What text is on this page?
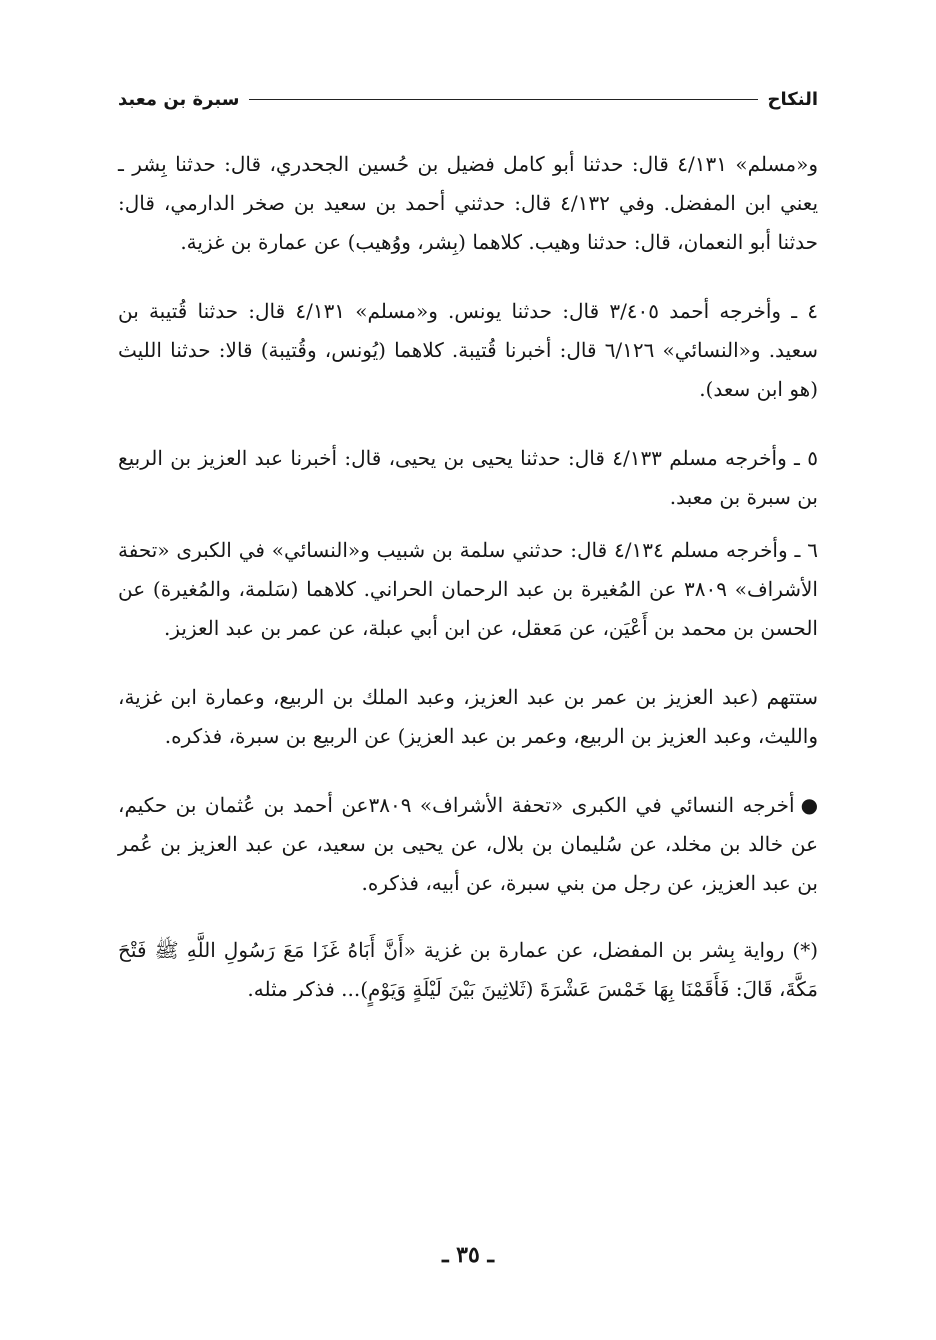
النكاح
سبرة بن معبد

و«مسلم» ٤/١٣١ قال: حدثنا أبو كامل فضيل بن حُسين الجحدري، قال: حدثنا بِشر ـ يعني ابن المفضل. وفي ٤/١٣٢ قال: حدثني أحمد بن سعيد بن صخر الدارمي، قال: حدثنا أبو النعمان، قال: حدثنا وهيب. كلاهما (بِشر، ووُهيب) عن عمارة بن غزية.

٤ ـ وأخرجه أحمد ٣/٤٠٥ قال: حدثنا يونس. و«مسلم» ٤/١٣١ قال: حدثنا قُتيبة بن سعيد. و«النسائي» ٦/١٢٦ قال: أخبرنا قُتيبة. كلاهما (يُونس، وقُتيبة) قالا: حدثنا الليث (هو ابن سعد).

٥ ـ وأخرجه مسلم ٤/١٣٣ قال: حدثنا يحيى بن يحيى، قال: أخبرنا عبد العزيز بن الربيع بن سبرة بن معبد.

٦ ـ وأخرجه مسلم ٤/١٣٤ قال: حدثني سلمة بن شبيب و«النسائي» في الكبرى «تحفة الأشراف» ٣٨٠٩ عن المُغيرة بن عبد الرحمان الحراني. كلاهما (سَلمة، والمُغيرة) عن الحسن بن محمد بن أَعْيَن، عن مَعقل، عن ابن أبي عبلة، عن عمر بن عبد العزيز.

ستتهم (عبد العزيز بن عمر بن عبد العزيز، وعبد الملك بن الربيع، وعمارة ابن غزية، والليث، وعبد العزيز بن الربيع، وعمر بن عبد العزيز) عن الربيع بن سبرة، فذكره.

●أخرجه النسائي في الكبرى «تحفة الأشراف» ٣٨٠٩عن أحمد بن عُثمان بن حكيم، عن خالد بن مخلد، عن سُليمان بن بلال، عن يحيى بن سعيد، عن عبد العزيز بن عُمر بن عبد العزيز، عن رجل من بني سبرة، عن أبيه، فذكره.

(*) رواية بِشر بن المفضل، عن عمارة بن غزية «أَنَّ أَبَاهُ غَزَا مَعَ رَسُولِ اللَّهِ ﷺ فَتْحَ مَكَّةَ، قَالَ: فَأَقَمْنَا بِهَا خَمْسَ عَشْرَةَ (ثَلاثِينَ بَيْنَ لَيْلَةٍ وَيَوْمٍ)... فذكر مثله.

ـ ٣٥ ـ
